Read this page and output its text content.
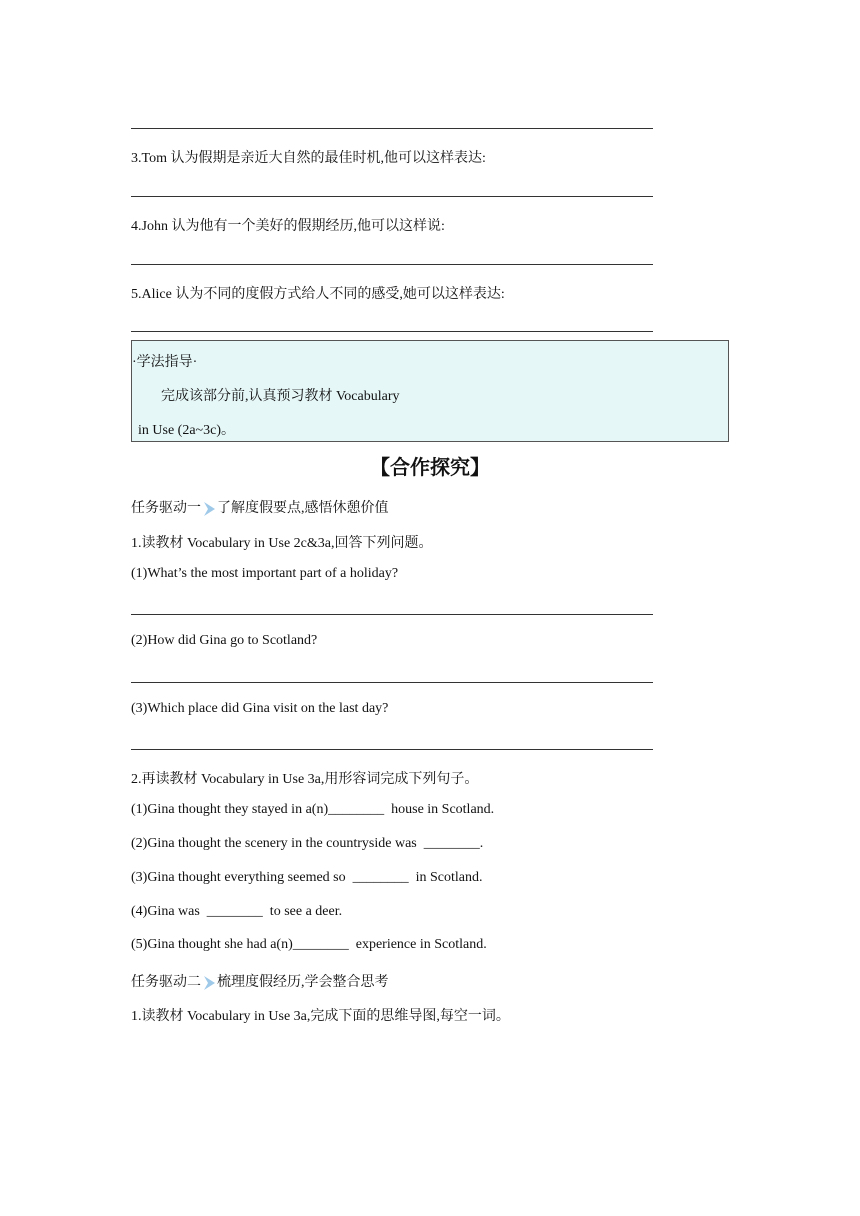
3.Tom 认为假期是亲近大自然的最佳时机,他可以这样表达:
4.John 认为他有一个美好的假期经历,他可以这样说:
5.Alice 认为不同的度假方式给人不同的感受,她可以这样表达:
·学法指导·
完成该部分前,认真预习教材 Vocabulary
in Use (2a~3c)。
【合作探究】
任务驱动一 了解度假要点,感悟休憩价值
1.读教材 Vocabulary in Use 2c&3a,回答下列问题。
(1)What’s the most important part of a holiday?
(2)How did Gina go to Scotland?
(3)Which place did Gina visit on the last day?
2.再读教材 Vocabulary in Use 3a,用形容词完成下列句子。
(1)Gina thought they stayed in a(n)________  house in Scotland.
(2)Gina thought the scenery in the countryside was  ________.
(3)Gina thought everything seemed so  ________  in Scotland.
(4)Gina was  ________  to see a deer.
(5)Gina thought she had a(n)________  experience in Scotland.
任务驱动二 梳理度假经历,学会整合思考
1.读教材 Vocabulary in Use 3a,完成下面的思维导图,每空一词。
